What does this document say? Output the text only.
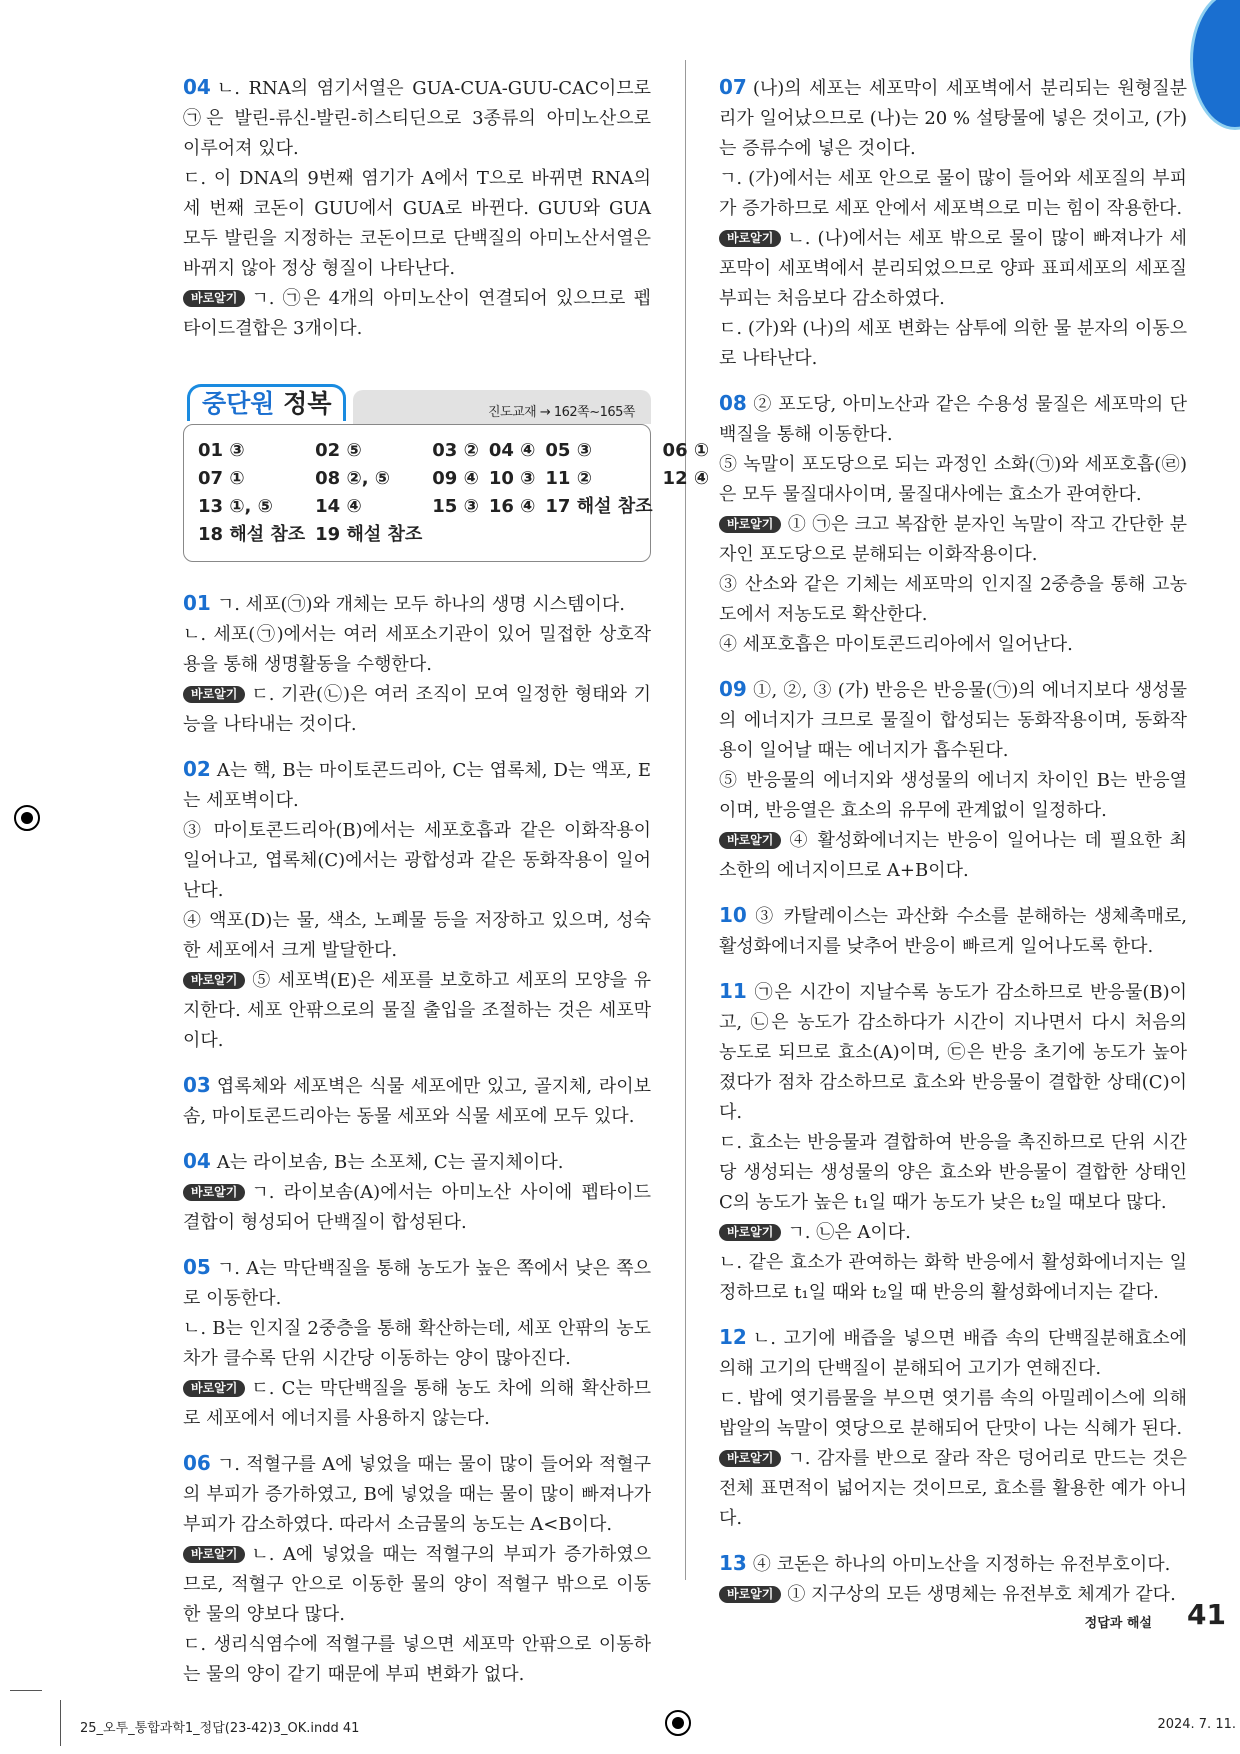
04 ㄴ. RNA의 염기서열은 GUA-CUA-GUU-CAC이므로 ㉠은 발린-류신-발린-히스티딘으로 3종류의 아미노산으로 이루어져 있다.

ㄷ. 이 DNA의 9번째 염기가 A에서 T으로 바뀌면 RNA의 세 번째 코돈이 GUU에서 GUA로 바뀐다. GUU와 GUA 모두 발린을 지정하는 코돈이므로 단백질의 아미노산서열은 바뀌지 않아 정상 형질이 나타난다.

바로알기 ㄱ. ㉠은 4개의 아미노산이 연결되어 있으므로 펩타이드결합은 3개이다.

중단원 정복	진도교재 → 162쪽~165쪽
01 ③	02 ⑤	03 ② 04 ④ 05 ③	06 ①
07 ①	08 ②, ⑤	09 ④ 10 ③ 11 ②	12 ④
13 ①, ⑤	14 ④	15 ③ 16 ④ 17 해설 참조
18 해설 참조 19 해설 참조

01 ㄱ. 세포(㉠)와 개체는 모두 하나의 생명 시스템이다.

ㄴ. 세포(㉠)에서는 여러 세포소기관이 있어 밀접한 상호작용을 통해 생명활동을 수행한다.

바로알기 ㄷ. 기관(㉡)은 여러 조직이 모여 일정한 형태와 기능을 나타내는 것이다.

02 A는 핵, B는 마이토콘드리아, C는 엽록체, D는 액포, E는 세포벽이다.

③ 마이토콘드리아(B)에서는 세포호흡과 같은 이화작용이 일어나고, 엽록체(C)에서는 광합성과 같은 동화작용이 일어난다.

④ 액포(D)는 물, 색소, 노폐물 등을 저장하고 있으며, 성숙한 세포에서 크게 발달한다.

바로알기 ⑤ 세포벽(E)은 세포를 보호하고 세포의 모양을 유지한다. 세포 안팎으로의 물질 출입을 조절하는 것은 세포막이다.

03 엽록체와 세포벽은 식물 세포에만 있고, 골지체, 라이보솜, 마이토콘드리아는 동물 세포와 식물 세포에 모두 있다.

04 A는 라이보솜, B는 소포체, C는 골지체이다.

바로알기 ㄱ. 라이보솜(A)에서는 아미노산 사이에 펩타이드결합이 형성되어 단백질이 합성된다.

05 ㄱ. A는 막단백질을 통해 농도가 높은 쪽에서 낮은 쪽으로 이동한다.

ㄴ. B는 인지질 2중층을 통해 확산하는데, 세포 안팎의 농도 차가 클수록 단위 시간당 이동하는 양이 많아진다.

바로알기 ㄷ. C는 막단백질을 통해 농도 차에 의해 확산하므로 세포에서 에너지를 사용하지 않는다.

06 ㄱ. 적혈구를 A에 넣었을 때는 물이 많이 들어와 적혈구의 부피가 증가하였고, B에 넣었을 때는 물이 많이 빠져나가 부피가 감소하였다. 따라서 소금물의 농도는 A<B이다.

바로알기 ㄴ. A에 넣었을 때는 적혈구의 부피가 증가하였으므로, 적혈구 안으로 이동한 물의 양이 적혈구 밖으로 이동한 물의 양보다 많다.

ㄷ. 생리식염수에 적혈구를 넣으면 세포막 안팎으로 이동하는 물의 양이 같기 때문에 부피 변화가 없다.

07 (나)의 세포는 세포막이 세포벽에서 분리되는 원형질분리가 일어났으므로 (나)는 20 % 설탕물에 넣은 것이고, (가)는 증류수에 넣은 것이다.

ㄱ. (가)에서는 세포 안으로 물이 많이 들어와 세포질의 부피가 증가하므로 세포 안에서 세포벽으로 미는 힘이 작용한다.

바로알기 ㄴ. (나)에서는 세포 밖으로 물이 많이 빠져나가 세포막이 세포벽에서 분리되었으므로 양파 표피세포의 세포질 부피는 처음보다 감소하였다.

ㄷ. (가)와 (나)의 세포 변화는 삼투에 의한 물 분자의 이동으로 나타난다.

08 ② 포도당, 아미노산과 같은 수용성 물질은 세포막의 단백질을 통해 이동한다.

⑤ 녹말이 포도당으로 되는 과정인 소화(㉠)와 세포호흡(㉣)은 모두 물질대사이며, 물질대사에는 효소가 관여한다.

바로알기 ① ㉠은 크고 복잡한 분자인 녹말이 작고 간단한 분자인 포도당으로 분해되는 이화작용이다.

③ 산소와 같은 기체는 세포막의 인지질 2중층을 통해 고농도에서 저농도로 확산한다.

④ 세포호흡은 마이토콘드리아에서 일어난다.

09 ①, ②, ③ (가) 반응은 반응물(㉠)의 에너지보다 생성물의 에너지가 크므로 물질이 합성되는 동화작용이며, 동화작용이 일어날 때는 에너지가 흡수된다.

⑤ 반응물의 에너지와 생성물의 에너지 차이인 B는 반응열이며, 반응열은 효소의 유무에 관계없이 일정하다.

바로알기 ④ 활성화에너지는 반응이 일어나는 데 필요한 최소한의 에너지이므로 A+B이다.

10 ③ 카탈레이스는 과산화 수소를 분해하는 생체촉매로, 활성화에너지를 낮추어 반응이 빠르게 일어나도록 한다.

11 ㉠은 시간이 지날수록 농도가 감소하므로 반응물(B)이고, ㉡은 농도가 감소하다가 시간이 지나면서 다시 처음의 농도로 되므로 효소(A)이며, ㉢은 반응 초기에 농도가 높아졌다가 점차 감소하므로 효소와 반응물이 결합한 상태(C)이다.

ㄷ. 효소는 반응물과 결합하여 반응을 촉진하므로 단위 시간당 생성되는 생성물의 양은 효소와 반응물이 결합한 상태인 C의 농도가 높은 t₁일 때가 농도가 낮은 t₂일 때보다 많다.

바로알기 ㄱ. ㉡은 A이다.

ㄴ. 같은 효소가 관여하는 화학 반응에서 활성화에너지는 일정하므로 t₁일 때와 t₂일 때 반응의 활성화에너지는 같다.

12 ㄴ. 고기에 배즙을 넣으면 배즙 속의 단백질분해효소에 의해 고기의 단백질이 분해되어 고기가 연해진다.

ㄷ. 밥에 엿기름물을 부으면 엿기름 속의 아밀레이스에 의해 밥알의 녹말이 엿당으로 분해되어 단맛이 나는 식혜가 된다.

바로알기 ㄱ. 감자를 반으로 잘라 작은 덩어리로 만드는 것은 전체 표면적이 넓어지는 것이므로, 효소를 활용한 예가 아니다.

13 ④ 코돈은 하나의 아미노산을 지정하는 유전부호이다.

바로알기 ① 지구상의 모든 생명체는 유전부호 체계가 같다.

정답과 해설 41
25_오투_통합과학1_정답(23-42)3_OK.indd 41	2024. 7. 11.
